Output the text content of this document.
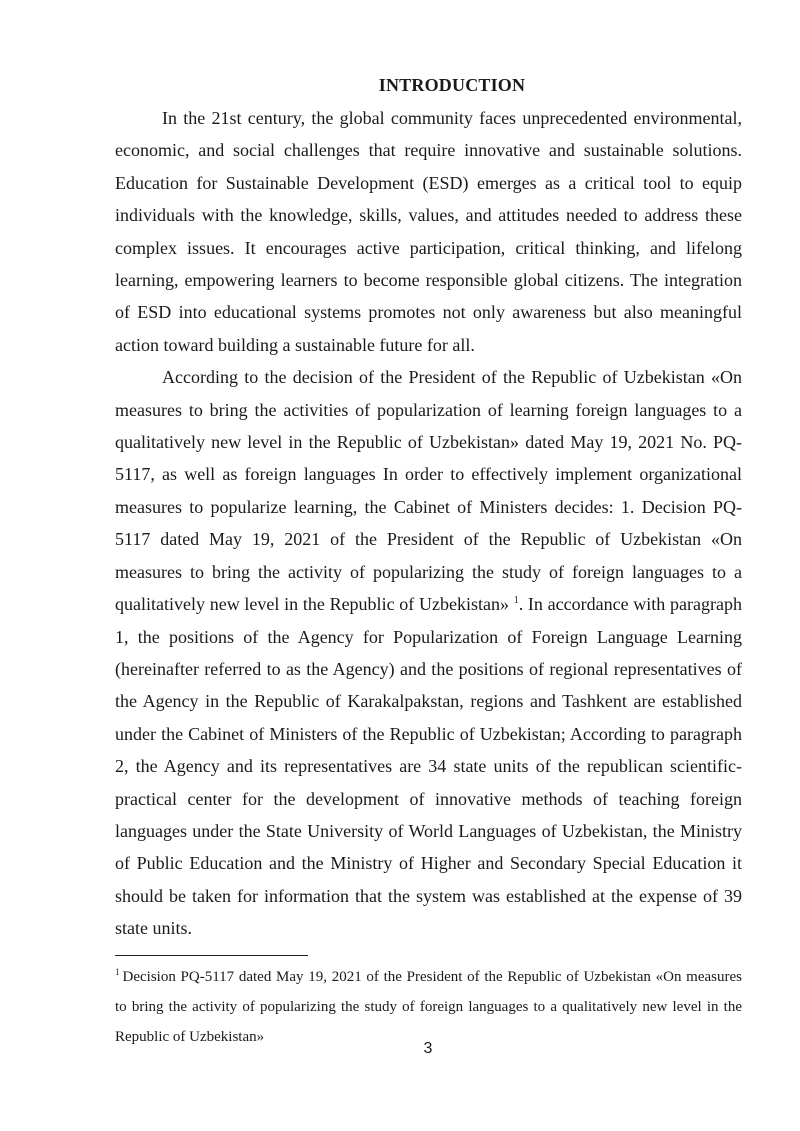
INTRODUCTION

In the 21st century, the global community faces unprecedented environmental, economic, and social challenges that require innovative and sustainable solutions. Education for Sustainable Development (ESD) emerges as a critical tool to equip individuals with the knowledge, skills, values, and attitudes needed to address these complex issues. It encourages active participation, critical thinking, and lifelong learning, empowering learners to become responsible global citizens. The integration of ESD into educational systems promotes not only awareness but also meaningful action toward building a sustainable future for all.

According to the decision of the President of the Republic of Uzbekistan «On measures to bring the activities of popularization of learning foreign languages to a qualitatively new level in the Republic of Uzbekistan» dated May 19, 2021 No. PQ-5117, as well as foreign languages In order to effectively implement organizational measures to popularize learning, the Cabinet of Ministers decides: 1. Decision PQ-5117 dated May 19, 2021 of the President of the Republic of Uzbekistan «On measures to bring the activity of popularizing the study of foreign languages to a qualitatively new level in the Republic of Uzbekistan» $^1$. In accordance with paragraph 1, the positions of the Agency for Popularization of Foreign Language Learning (hereinafter referred to as the Agency) and the positions of regional representatives of the Agency in the Republic of Karakalpakstan, regions and Tashkent are established under the Cabinet of Ministers of the Republic of Uzbekistan; According to paragraph 2, the Agency and its representatives are 34 state units of the republican scientific-practical center for the development of innovative methods of teaching foreign languages under the State University of World Languages of Uzbekistan, the Ministry of Public Education and the Ministry of Higher and Secondary Special Education it should be taken for information that the system was established at the expense of 39 state units.

$^1$ Decision PQ-5117 dated May 19, 2021 of the President of the Republic of Uzbekistan «On measures to bring the activity of popularizing the study of foreign languages to a qualitatively new level in the Republic of Uzbekistan»
3
